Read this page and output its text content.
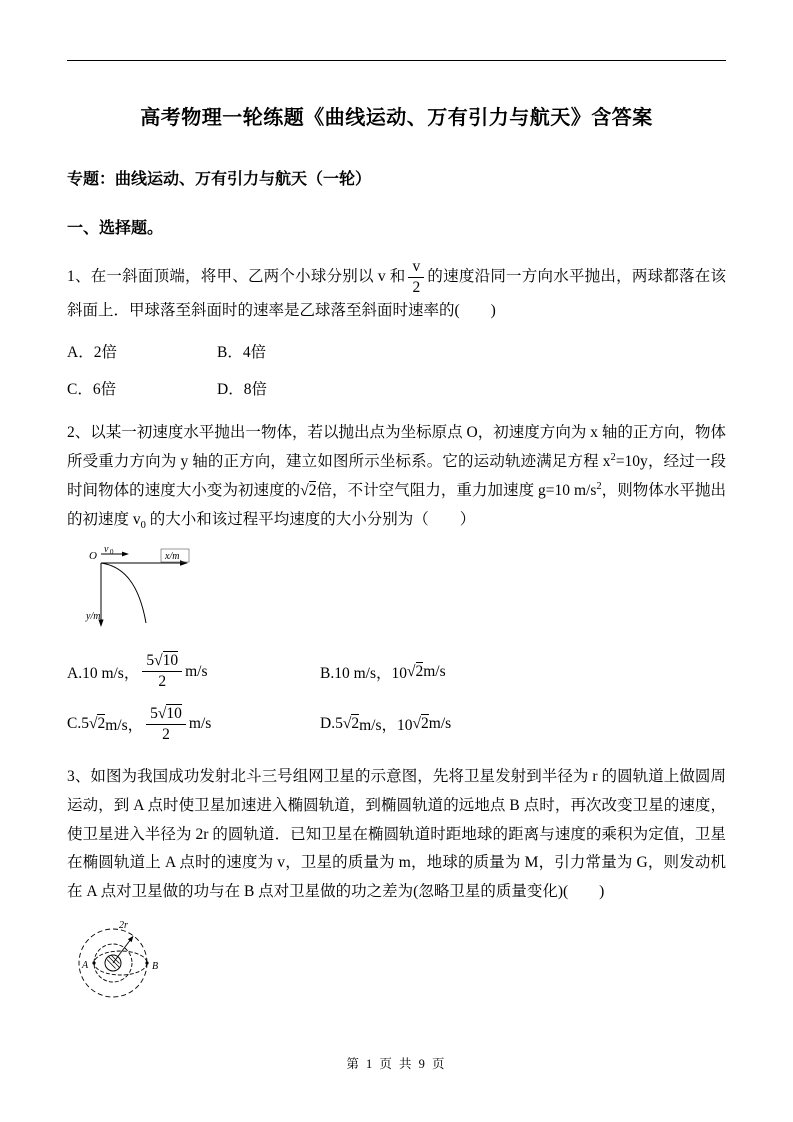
高考物理一轮练题《曲线运动、万有引力与航天》含答案

专题：曲线运动、万有引力与航天（一轮）

一、选择题。

1、在一斜面顶端，将甲、乙两个小球分别以 v 和 $\frac{v}{2}$ 的速度沿同一方向水平抛出，两球都落在该斜面上．甲球落至斜面时的速率是乙球落至斜面时速率的(　　)

A．2倍	B．4倍
C．6倍	D．8倍

2、以某一初速度水平抛出一物体，若以抛出点为坐标原点 O，初速度方向为 x 轴的正方向，物体所受重力方向为 y 轴的正方向，建立如图所示坐标系。它的运动轨迹满足方程 $x^2=10y$，经过一段时间物体的速度大小变为初速度的√2倍，不计空气阻力，重力加速度 g=10 $m/s^2$，则物体水平抛出的初速度 $v_0$ 的大小和该过程平均速度的大小分别为（　　）

O
v 0	x/m
y/m
A.10 m/s， $\frac{5√10}{2} m/s$	B.10 m/s，10 √2 m/s
C.5 √2 m/s， $\frac{5√10}{2} m/s$	D.5 √2 m/s，10 √2 m/s

3、如图为我国成功发射北斗三号组网卫星的示意图，先将卫星发射到半径为 r 的圆轨道上做圆周运动，到 A 点时使卫星加速进入椭圆轨道，到椭圆轨道的远地点 B 点时，再次改变卫星的速度，使卫星进入半径为 2r 的圆轨道．已知卫星在椭圆轨道时距地球的距离与速度的乘积为定值，卫星在椭圆轨道上 A 点时的速度为 v，卫星的质量为 m，地球的质量为 M，引力常量为 G，则发动机在 A 点对卫星做的功与在 B 点对卫星做的功之差为(忽略卫星的质量变化)(　　)

2r
A	B
第 1 页 共 9 页
